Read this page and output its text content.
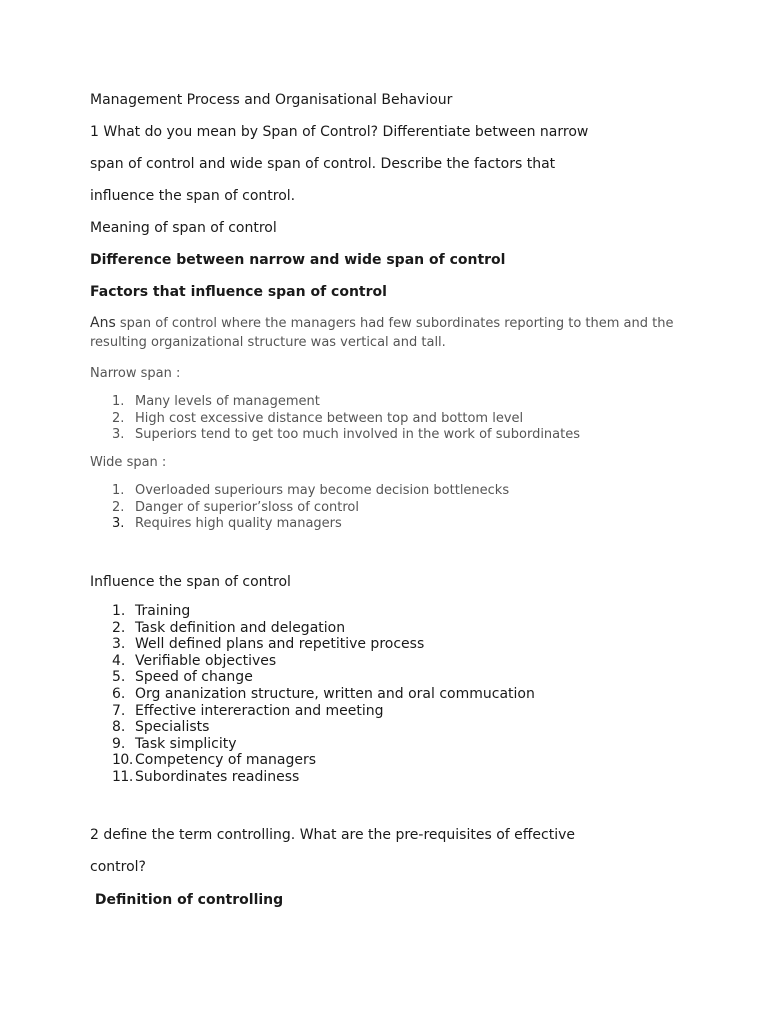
Management Process and Organisational Behaviour
1 What do you mean by Span of Control? Differentiate between narrow
span of control and wide span of control. Describe the factors that
influence the span of control.
Meaning of span of control
Difference between narrow and wide span of control
Factors that influence span of control
Ans span of control where the managers had few subordinates reporting to them and the resulting organizational structure was vertical and tall.
Narrow span :
1. Many levels of management
2. High cost excessive distance between top and bottom level
3. Superiors tend to get too much involved in the work of subordinates
Wide span :
1. Overloaded superiours may become decision bottlenecks
2. Danger of superior’sloss of control
3. Requires high quality managers
Influence the span of control
1. Training
2. Task definition and delegation
3. Well defined plans and repetitive process
4. Verifiable objectives
5. Speed of change
6. Org ananization structure, written and oral commucation
7. Effective intereraction and meeting
8. Specialists
9. Task simplicity
10. Competency of managers
11. Subordinates readiness
2 define the term controlling. What are the pre-requisites of effective
control?
Definition of controlling
